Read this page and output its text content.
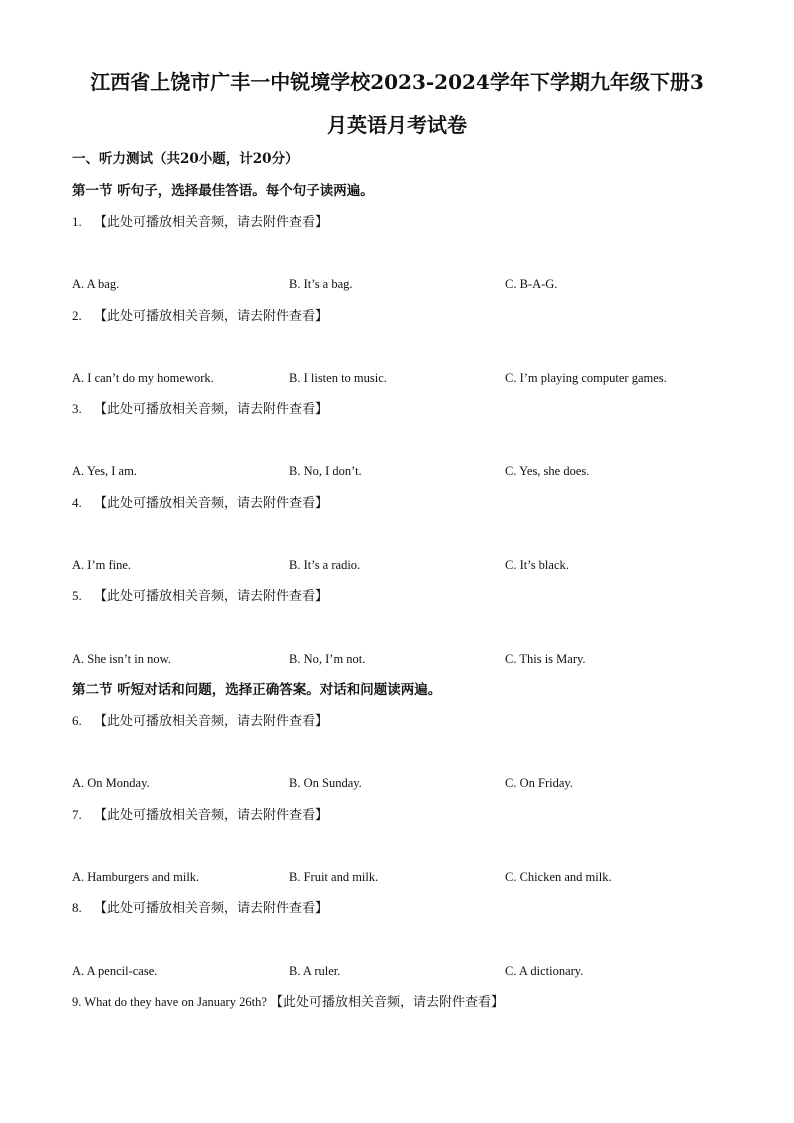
江西省上饶市广丰一中锐境学校2023-2024学年下学期九年级下册3
月英语月考试卷
一、听力测试（共20小题，计20分）
第一节 听句子，选择最佳答语。每个句子读两遍。
1. 【此处可播放相关音频，请去附件查看】
A. A bag.	B. It’s a bag.	C. B-A-G.
2. 【此处可播放相关音频，请去附件查看】
A. I can’t do my homework.	B. I listen to music.	C. I’m playing computer games.
3. 【此处可播放相关音频，请去附件查看】
A. Yes, I am.	B. No, I don’t.	C. Yes, she does.
4. 【此处可播放相关音频，请去附件查看】
A. I’m fine.	B. It’s a radio.	C. It’s black.
5. 【此处可播放相关音频，请去附件查看】
A. She isn’t in now.	B. No, I’m not.	C. This is Mary.
第二节 听短对话和问题，选择正确答案。对话和问题读两遍。
6. 【此处可播放相关音频，请去附件查看】
A. On Monday.	B. On Sunday.	C. On Friday.
7. 【此处可播放相关音频，请去附件查看】
A. Hamburgers and milk.	B. Fruit and milk.	C. Chicken and milk.
8. 【此处可播放相关音频，请去附件查看】
A. A pencil-case.	B. A ruler.	C. A dictionary.
9. What do they have on January 26th? 【此处可播放相关音频，请去附件查看】
